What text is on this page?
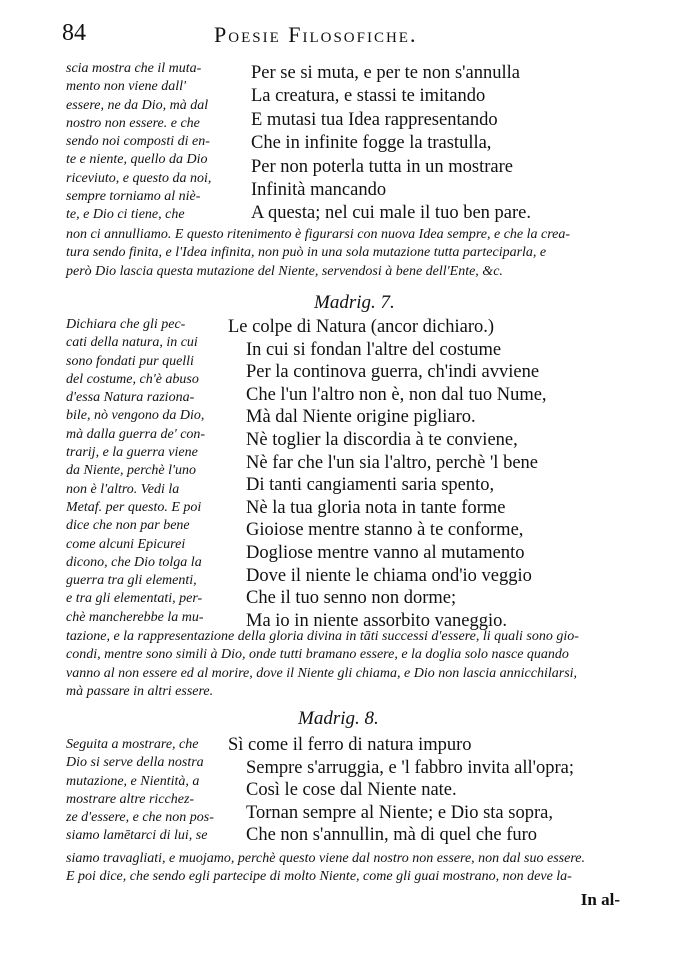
84	Poesie Filosofiche.
scia mostra che il muta-
mento non viene dall'
essere, ne da Dio, mà dal
nostro non essere. e che
sendo noi composti di en-
te e niente, quello da Dio
riceviuto, e questo da noi,
sempre torniamo al niè-
te, e Dio ci tiene, che
Per se si muta, e per te non s'annulla
La creatura, e stassi te imitando
E mutasi tua Idea rappresentando
Che in infinite fogge la trastulla,
Per non poterla tutta in un mostrare
Infinità mancando
A questa; nel cui male il tuo ben pare.
non ci annulliamo. E questo ritenimento è figurarsi con nuova Idea sempre, e che la crea-
tura sendo finita, e l'Idea infinita, non può in una sola mutazione tutta parteciparla, e
però Dio lascia questa mutazione del Niente, servendosi à bene dell'Ente, &c.
Madrig. 7.
Dichiara che gli pec-
cati della natura, in cui
sono fondati pur quelli
del costume, ch'è abuso
d'essa Natura raziona-
bile, nò vengono da Dio,
mà dalla guerra de' con-
trarij, e la guerra viene
da Niente, perchè l'uno
non è l'altro. Vedi la
Metaf. per questo. E poi
dice che non par bene
come alcuni Epicurei
dicono, che Dio tolga la
guerra tra gli elementi,
e tra gli elementati, per-
chè mancherebbe la mu-
Le colpe di Natura (ancor dichiaro.)
In cui si fondan l'altre del costume
Per la continova guerra, ch'indi avviene
Che l'un l'altro non è, non dal tuo Nume,
Mà dal Niente origine pigliaro.
Nè toglier la discordia à te conviene,
Nè far che l'un sia l'altro, perchè 'l bene
Di tanti cangiamenti saria spento,
Nè la tua gloria nota in tante forme
Gioiose mentre stanno à te conforme,
Dogliose mentre vanno al mutamento
Dove il niente le chiama ond'io veggio
Che il tuo senno non dorme;
Ma io in niente assorbito vaneggio.
tazione, e la rappresentazione della gloria divina in tāti successi d'essere, li quali sono gio-
condi, mentre sono simili à Dio, onde tutti bramano essere, e la doglia solo nasce quando
vanno al non essere ed al morire, dove il Niente gli chiama, e Dio non lascia annicchilarsi,
mà passare in altri essere.
Madrig. 8.
Seguita a mostrare, che
Dio si serve della nostra
mutazione, e Nientità, a
mostrare altre ricchez-
ze d'essere, e che non pos-
siamo lamētarci di lui, se
Sì come il ferro di natura impuro
Sempre s'arruggia, e 'l fabbro invita all'opra;
Così le cose dal Niente nate.
Tornan sempre al Niente; e Dio sta sopra,
Che non s'annullin, mà di quel che furo
siamo travagliati, e muojamo, perchè questo viene dal nostro non essere, non dal suo essere.
E poi dice, che sendo egli partecipe di molto Niente, come gli guai mostrano, non deve la-
In al-
